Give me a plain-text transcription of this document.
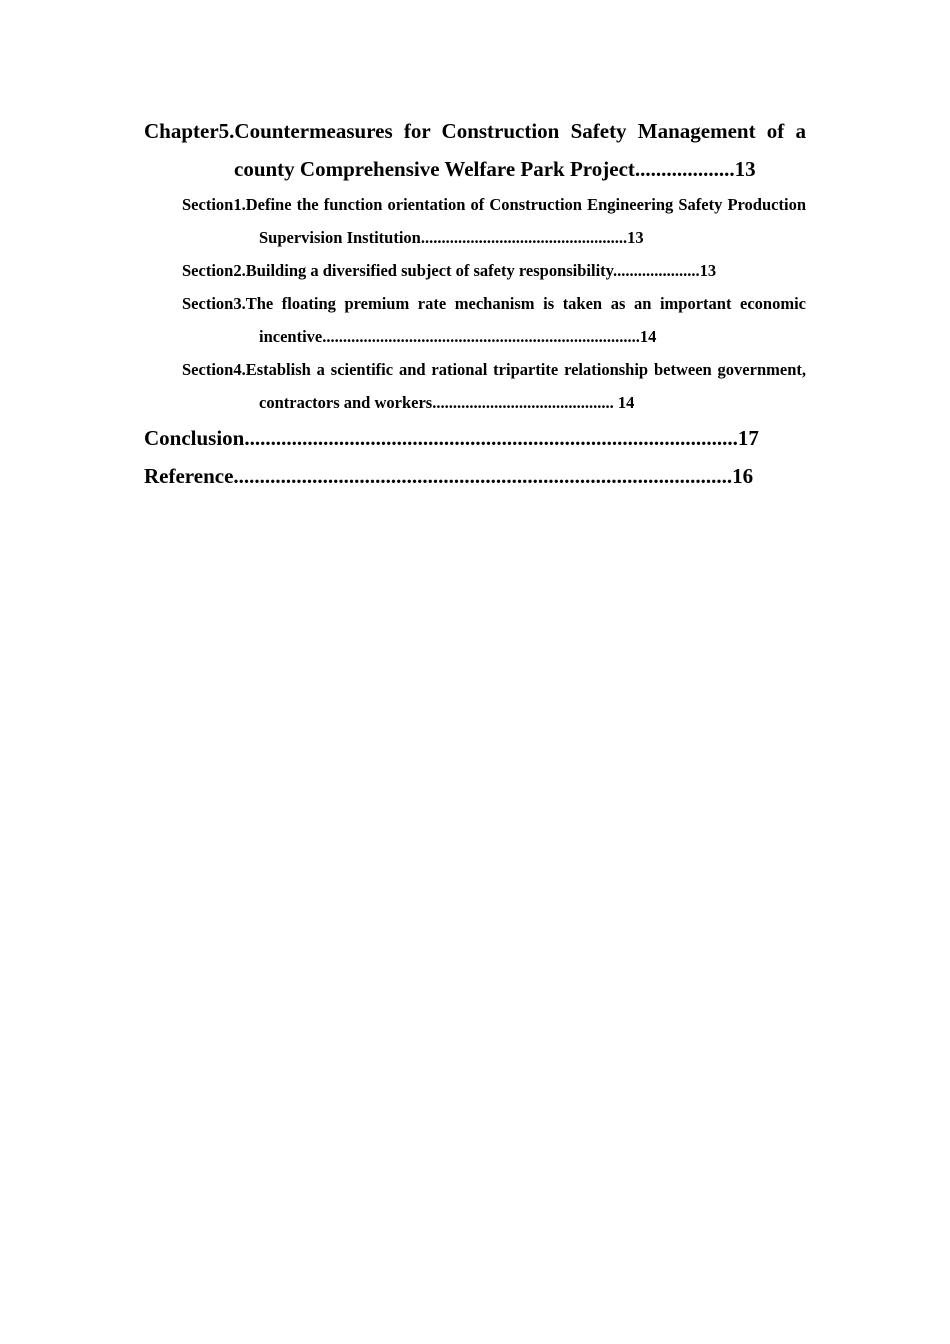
Chapter5.Countermeasures for Construction Safety Management of a county Comprehensive Welfare Park Project...................13
Section1.Define the function orientation of Construction Engineering Safety Production Supervision Institution..................................................13
Section2.Building a diversified subject of safety responsibility.....................13
Section3.The floating premium rate mechanism is taken as an important economic incentive.............................................................................14
Section4.Establish a scientific and rational tripartite relationship between government, contractors and workers............................................ 14
Conclusion..............................................................................................17
Reference...............................................................................................16
